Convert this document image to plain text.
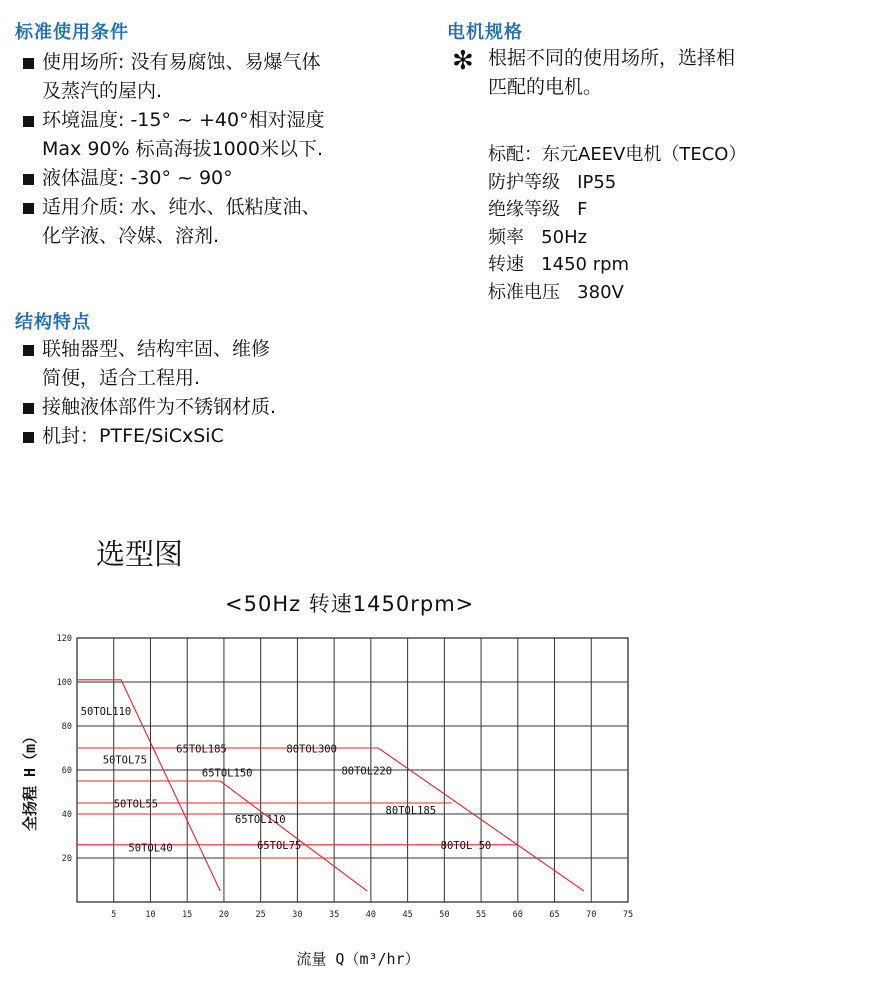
标准使用条件
使用场所: 没有易腐蚀、易爆气体
及蒸汽的屋内.
环境温度: -15° ~ +40°相对湿度
Max 90% 标高海拔1000米以下.
液体温度: -30° ~ 90°
适用介质: 水、纯水、低粘度油、
化学液、冷媒、溶剂.
结构特点
联轴器型、结构牢固、维修
简便，适合工程用.
接触液体部件为不锈钢材质.
机封：PTFE/SiCxSiC
电机规格
✻ 根据不同的使用场所，选择相
匹配的电机。
标配：东元AEEV电机（TECO）
防护等级   IP55
绝缘等级   F
频率   50Hz
转速   1450 rpm
标准电压   380V
选型图
<50Hz 转速1450rpm>
5	10	15	20	25	30	35	40	45	50	55	60	65	70	75
20
40
60
80
100
120
50TOL110
50TOL75
50TOL55
50TOL40
65TOL185
65TOL150
65TOL110
65TOL75
80TOL300
80TOL220
80TOL185
80TOL 50
全扬程 H（m）
流量 Q（m³/hr）
